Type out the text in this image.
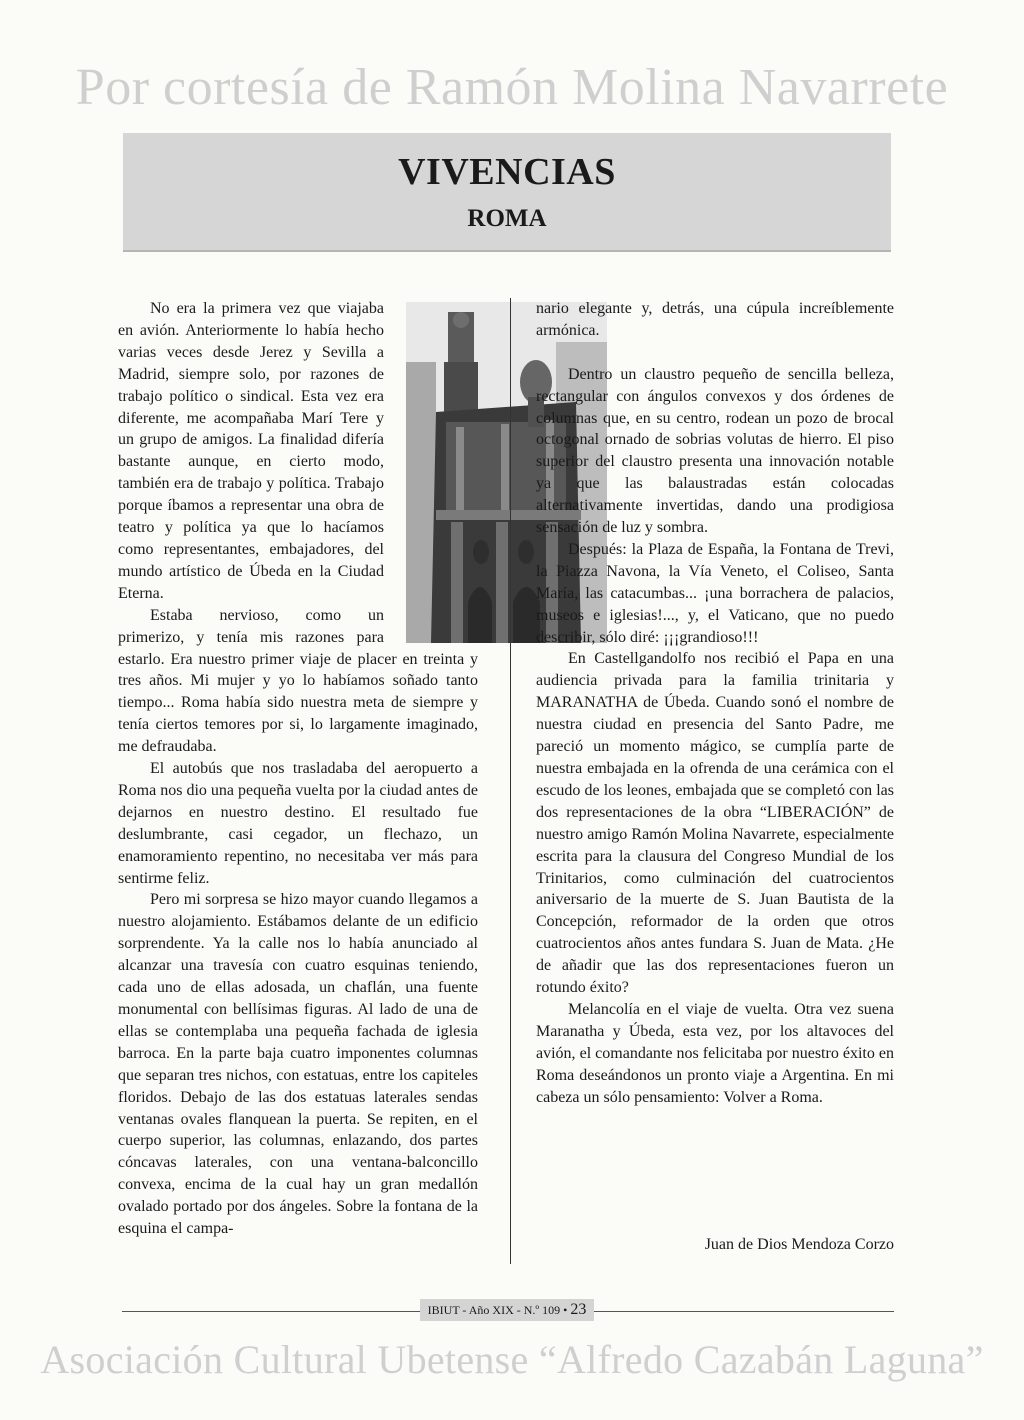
Por cortesía de Ramón Molina Navarrete
VIVENCIAS
ROMA

No era la primera vez que viajaba en avión. Anteriormente lo había hecho varias veces desde Jerez y Sevilla a Madrid, siempre solo, por razones de trabajo político o sindical. Esta vez era diferente, me acompañaba Marí Tere y un grupo de amigos. La finalidad difería bastante aunque, en cierto modo, también era de trabajo y política. Trabajo porque íbamos a representar una obra de teatro y política ya que lo hacíamos como representantes, embajadores, del mundo artístico de Úbeda en la Ciudad Eterna.

Estaba nervioso, como un primerizo, y tenía mis razones para estarlo. Era nuestro primer viaje de placer en treinta y tres años. Mi mujer y yo lo habíamos soñado tanto tiempo... Roma había sido nuestra meta de siempre y tenía ciertos temores por si, lo largamente imaginado, me defraudaba.

El autobús que nos trasladaba del aeropuerto a Roma nos dio una pequeña vuelta por la ciudad antes de dejarnos en nuestro destino. El resultado fue deslumbrante, casi cegador, un flechazo, un enamoramiento repentino, no necesitaba ver más para sentirme feliz.

Pero mi sorpresa se hizo mayor cuando llegamos a nuestro alojamiento. Estábamos delante de un edificio sorprendente. Ya la calle nos lo había anunciado al alcanzar una travesía con cuatro esquinas teniendo, cada uno de ellas adosada, un chaflán, una fuente monumental con bellísimas figuras. Al lado de una de ellas se contemplaba una pequeña fachada de iglesia barroca. En la parte baja cuatro imponentes columnas que separan tres nichos, con estatuas, entre los capiteles floridos. Debajo de las dos estatuas laterales sendas ventanas ovales flanquean la puerta. Se repiten, en el cuerpo superior, las columnas, enlazando, dos partes cóncavas laterales, con una ventana-balconcillo convexa, encima de la cual hay un gran medallón ovalado portado por dos ángeles. Sobre la fontana de la esquina el campa-

nario elegante y, detrás, una cúpula increíblemente armónica.

Dentro un claustro pequeño de sencilla belleza, rectangular con ángulos convexos y dos órdenes de columnas que, en su centro, rodean un pozo de brocal octogonal ornado de sobrias volutas de hierro. El piso superior del claustro presenta una innovación notable ya que las balaustradas están colocadas alternativamente invertidas, dando una prodigiosa sensación de luz y sombra.

Después: la Plaza de España, la Fontana de Trevi, la Piazza Navona, la Vía Veneto, el Coliseo, Santa María, las catacumbas... ¡una borrachera de palacios, museos e iglesias!..., y, el Vaticano, que no puedo describir, sólo diré: ¡¡¡grandioso!!!

En Castellgandolfo nos recibió el Papa en una audiencia privada para la familia trinitaria y MARANATHA de Úbeda. Cuando sonó el nombre de nuestra ciudad en presencia del Santo Padre, me pareció un momento mágico, se cumplía parte de nuestra embajada en la ofrenda de una cerámica con el escudo de los leones, embajada que se completó con las dos representaciones de la obra “LIBERACIÓN” de nuestro amigo Ramón Molina Navarrete, especialmente escrita para la clausura del Congreso Mundial de los Trinitarios, como culminación del cuatrocientos aniversario de la muerte de S. Juan Bautista de la Concepción, reformador de la orden que otros cuatrocientos años antes fundara S. Juan de Mata. ¿He de añadir que las dos representaciones fueron un rotundo éxito?

Melancolía en el viaje de vuelta. Otra vez suena Maranatha y Úbeda, esta vez, por los altavoces del avión, el comandante nos felicitaba por nuestro éxito en Roma deseándonos un pronto viaje a Argentina. En mi cabeza un sólo pensamiento: Volver a Roma.

Juan de Dios Mendoza Corzo
IBIUT - Año XIX - N.º 109 • 23
Asociación Cultural Ubetense “Alfredo Cazabán Laguna”
